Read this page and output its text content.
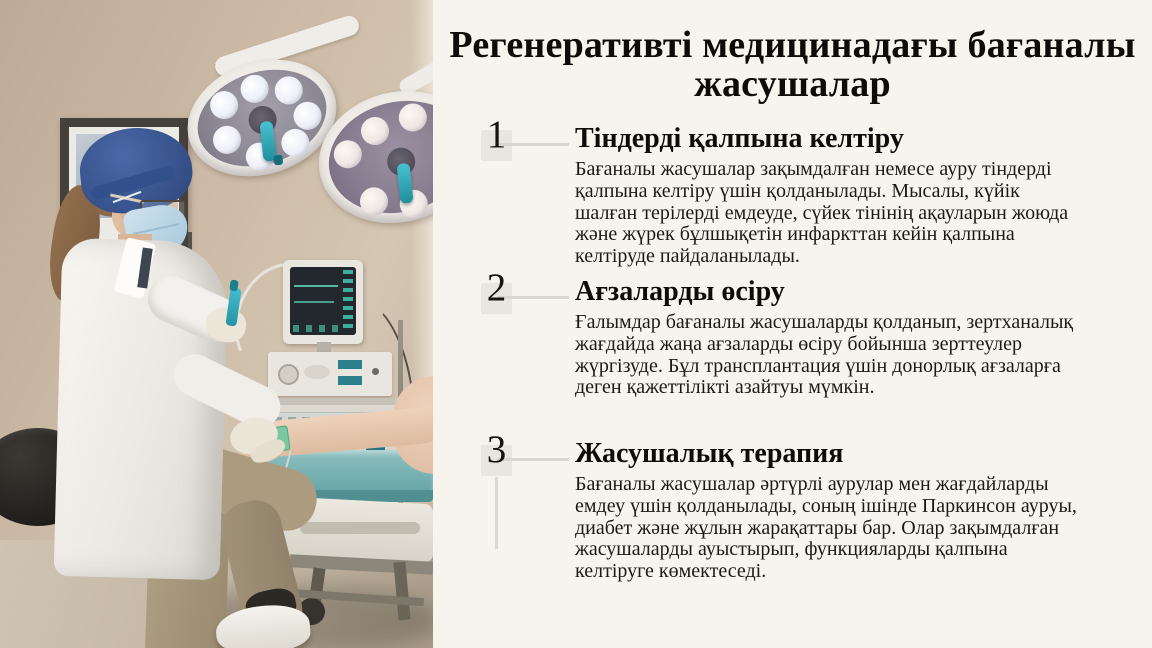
Регенеративті медицинадағы бағаналы жасушалар
1 Тіндерді қалпына келтіру

Бағаналы жасушалар зақымдалған немесе ауру тіндерді қалпына келтіру үшін қолданылады. Мысалы, күйік шалған терілерді емдеуде, сүйек тінінің ақауларын жоюда және жүрек бұлшықетін инфаркттан кейін қалпына келтіруде пайдаланылады.

2 Ағзаларды өсіру

Ғалымдар бағаналы жасушаларды қолданып, зертханалық жағдайда жаңа ағзаларды өсіру бойынша зерттеулер жүргізуде. Бұл трансплантация үшін донорлық ағзаларға деген қажеттілікті азайтуы мүмкін.

3 Жасушалық терапия

Бағаналы жасушалар әртүрлі аурулар мен жағдайларды емдеу үшін қолданылады, соның ішінде Паркинсон ауруы, диабет және жұлын жарақаттары бар. Олар зақымдалған жасушаларды ауыстырып, функцияларды қалпына келтіруге көмектеседі.
